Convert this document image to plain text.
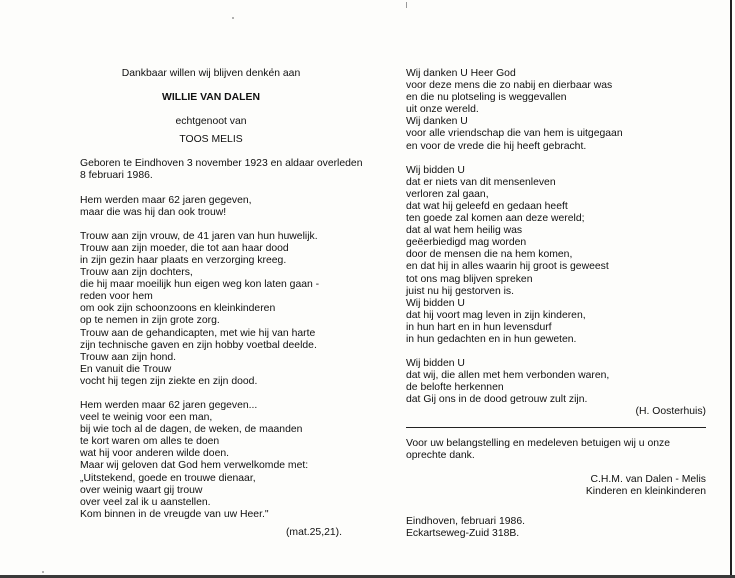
Dankbaar willen wij blijven denken aan
WILLIE VAN DALEN
echtgenoot van
TOOS MELIS
Geboren te Eindhoven 3 november 1923 en aldaar overleden
8 februari 1986.
Hem werden maar 62 jaren gegeven,
maar die was hij dan ook trouw!
Trouw aan zijn vrouw, de 41 jaren van hun huwelijk.
Trouw aan zijn moeder, die tot aan haar dood
in zijn gezin haar plaats en verzorging kreeg.
Trouw aan zijn dochters,
die hij maar moeilijk hun eigen weg kon laten gaan -
reden voor hem
om ook zijn schoonzoons en kleinkinderen
op te nemen in zijn grote zorg.
Trouw aan de gehandicapten, met wie hij van harte
zijn technische gaven en zijn hobby voetbal deelde.
Trouw aan zijn hond.
En vanuit die Trouw
vocht hij tegen zijn ziekte en zijn dood.
Hem werden maar 62 jaren gegeven...
veel te weinig voor een man,
bij wie toch al de dagen, de weken, de maanden
te kort waren om alles te doen
wat hij voor anderen wilde doen.
Maar wij geloven dat God hem verwelkomde met:
„Uitstekend, goede en trouwe dienaar,
over weinig waart gij trouw
over veel zal ik u aanstellen.
Kom binnen in de vreugde van uw Heer."
(mat.25,21).
Wij danken U Heer God
voor deze mens die zo nabij en dierbaar was
en die nu plotseling is weggevallen
uit onze wereld.
Wij danken U
voor alle vriendschap die van hem is uitgegaan
en voor de vrede die hij heeft gebracht.
Wij bidden U
dat er niets van dit mensenleven
verloren zal gaan,
dat wat hij geleefd en gedaan heeft
ten goede zal komen aan deze wereld;
dat al wat hem heilig was
geëerbiedigd mag worden
door de mensen die na hem komen,
en dat hij in alles waarin hij groot is geweest
tot ons mag blijven spreken
juist nu hij gestorven is.
Wij bidden U
dat hij voort mag leven in zijn kinderen,
in hun hart en in hun levensdurf
in hun gedachten en in hun geweten.
Wij bidden U
dat wij, die allen met hem verbonden waren,
de belofte herkennen
dat Gij ons in de dood getrouw zult zijn.
(H. Oosterhuis)
Voor uw belangstelling en medeleven betuigen wij u onze
oprechte dank.
C.H.M. van Dalen - Melis
Kinderen en kleinkinderen
Eindhoven, februari 1986.
Eckartseweg-Zuid 318B.
